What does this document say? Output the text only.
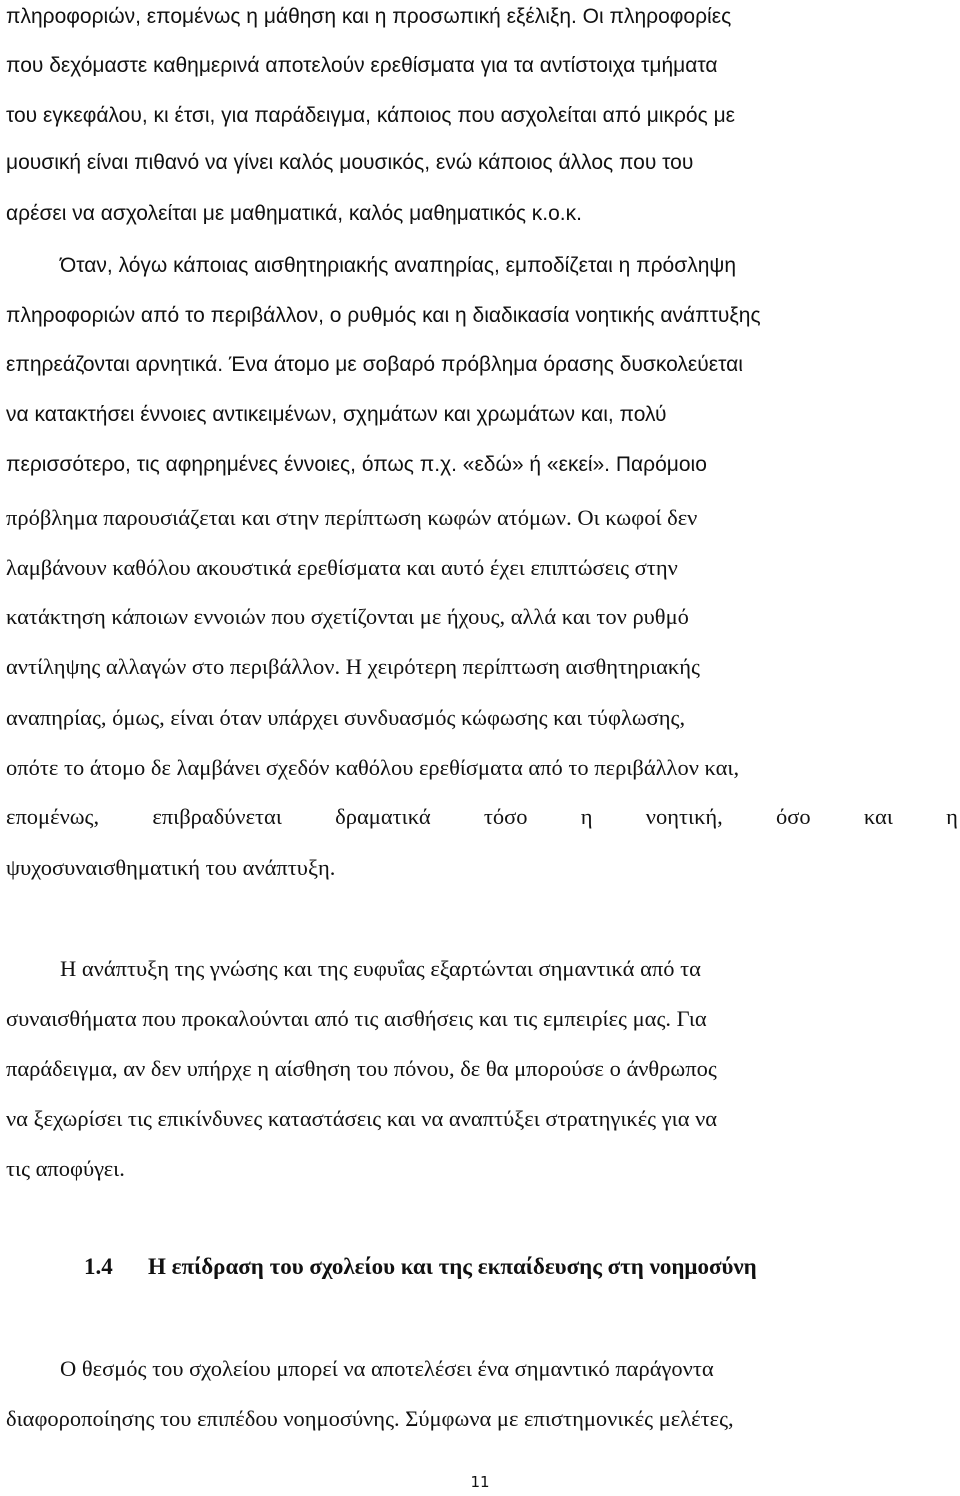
πληροφοριών, επομένως η μάθηση και η προσωπική εξέλιξη. Οι πληροφορίες
που δεχόμαστε καθημερινά αποτελούν ερεθίσματα για τα αντίστοιχα τμήματα
του εγκεφάλου, κι έτσι, για παράδειγμα, κάποιος που ασχολείται από μικρός με
μουσική είναι πιθανό να γίνει καλός μουσικός, ενώ κάποιος άλλος που του
αρέσει να ασχολείται με μαθηματικά, καλός μαθηματικός κ.ο.κ.
Όταν, λόγω κάποιας αισθητηριακής αναπηρίας, εμποδίζεται η πρόσληψη
πληροφοριών από το περιβάλλον, ο ρυθμός και η διαδικασία νοητικής ανάπτυξης
επηρεάζονται αρνητικά. Ένα άτομο με σοβαρό πρόβλημα όρασης δυσκολεύεται
να κατακτήσει έννοιες αντικειμένων, σχημάτων και χρωμάτων και, πολύ
περισσότερο, τις αφηρημένες έννοιες, όπως π.χ. «εδώ» ή «εκεί». Παρόμοιο
πρόβλημα παρουσιάζεται και στην περίπτωση κωφών ατόμων. Οι κωφοί δεν
λαμβάνουν καθόλου ακουστικά ερεθίσματα και αυτό έχει επιπτώσεις στην
κατάκτηση κάποιων εννοιών που σχετίζονται με ήχους, αλλά και τον ρυθμό
αντίληψης αλλαγών στο περιβάλλον. Η χειρότερη περίπτωση αισθητηριακής
αναπηρίας, όμως, είναι όταν υπάρχει συνδυασμός κώφωσης και τύφλωσης,
οπότε το άτομο δε λαμβάνει σχεδόν καθόλου ερεθίσματα από το περιβάλλον και,
επομένως, επιβραδύνεται δραματικά τόσο η νοητική, όσο και η
ψυχοσυναισθηματική του ανάπτυξη.
Η ανάπτυξη της γνώσης και της ευφυΐας εξαρτώνται σημαντικά από τα
συναισθήματα που προκαλούνται από τις αισθήσεις και τις εμπειρίες μας. Για
παράδειγμα, αν δεν υπήρχε η αίσθηση του πόνου, δε θα μπορούσε ο άνθρωπος
να ξεχωρίσει τις επικίνδυνες καταστάσεις και να αναπτύξει στρατηγικές για να
τις αποφύγει.
1.4 Η επίδραση του σχολείου και της εκπαίδευσης στη νοημοσύνη
Ο θεσμός του σχολείου μπορεί να αποτελέσει ένα σημαντικό παράγοντα
διαφοροποίησης του επιπέδου νοημοσύνης. Σύμφωνα με επιστημονικές μελέτες,
11
